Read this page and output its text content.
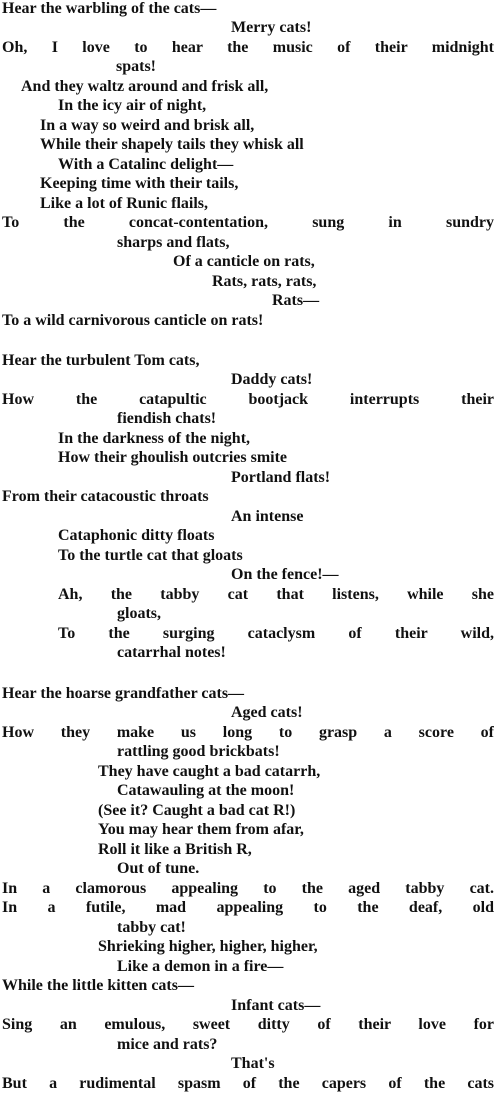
Hear the warbling of the cats—
Merry cats!
Oh, I love to hear the music of their midnight
spats!
And they waltz around and frisk all,
In the icy air of night,
In a way so weird and brisk all,
While their shapely tails they whisk all
With a Catalinc delight—
Keeping time with their tails,
Like a lot of Runic flails,
To the concat-contentation, sung in sundry
sharps and flats,
Of a canticle on rats,
Rats, rats, rats,
Rats—
To a wild carnivorous canticle on rats!
Hear the turbulent Tom cats,
Daddy cats!
How the catapultic bootjack interrupts their
fiendish chats!
In the darkness of the night,
How their ghoulish outcries smite
Portland flats!
From their catacoustic throats
An intense
Cataphonic ditty floats
To the turtle cat that gloats
On the fence!—
Ah, the tabby cat that listens, while she
gloats,
To the surging cataclysm of their wild,
catarrhal notes!
Hear the hoarse grandfather cats—
Aged cats!
How they make us long to grasp a score of
rattling good brickbats!
They have caught a bad catarrh,
Catawauling at the moon!
(See it? Caught a bad cat R!)
You may hear them from afar,
Roll it like a British R,
Out of tune.
In a clamorous appealing to the aged tabby cat.
In a futile, mad appealing to the deaf, old
tabby cat!
Shrieking higher, higher, higher,
Like a demon in a fire—
While the little kitten cats—
Infant cats—
Sing an emulous, sweet ditty of their love for
mice and rats?
That's
But a rudimental spasm of the capers of the cats
